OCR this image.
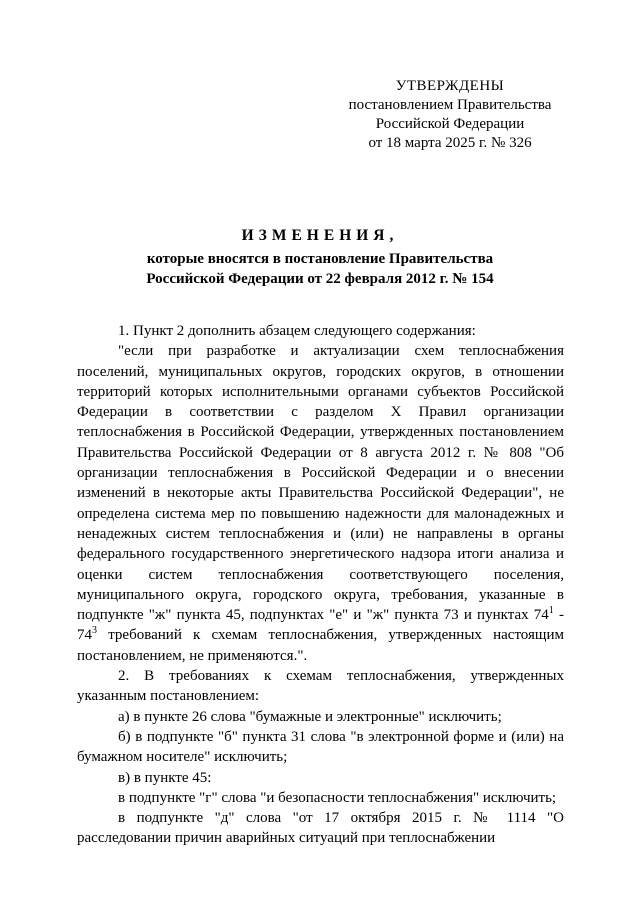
УТВЕРЖДЕНЫ
постановлением Правительства
Российской Федерации
от 18 марта 2025 г. № 326
ИЗМЕНЕНИЯ,
которые вносятся в постановление Правительства
Российской Федерации от 22 февраля 2012 г. № 154

1. Пункт 2 дополнить абзацем следующего содержания:

"если при разработке и актуализации схем теплоснабжения поселений, муниципальных округов, городских округов, в отношении территорий которых исполнительными органами субъектов Российской Федерации в соответствии с разделом X Правил организации теплоснабжения в Российской Федерации, утвержденных постановлением Правительства Российской Федерации от 8 августа 2012 г. № 808 "Об организации теплоснабжения в Российской Федерации и о внесении изменений в некоторые акты Правительства Российской Федерации", не определена система мер по повышению надежности для малонадежных и ненадежных систем теплоснабжения и (или) не направлены в органы федерального государственного энергетического надзора итоги анализа и оценки систем теплоснабжения соответствующего поселения, муниципального округа, городского округа, требования, указанные в подпункте "ж" пункта 45, подпунктах "е" и "ж" пункта 73 и пунктах $74^1 - 74^3$ требований к схемам теплоснабжения, утвержденных настоящим постановлением, не применяются.".

2. В требованиях к схемам теплоснабжения, утвержденных указанным постановлением:

а) в пункте 26 слова "бумажные и электронные" исключить;

б) в подпункте "б" пункта 31 слова "в электронной форме и (или) на бумажном носителе" исключить;

в) в пункте 45:

в подпункте "г" слова "и безопасности теплоснабжения" исключить;

в подпункте "д" слова "от 17 октября 2015 г. № 1114 "О расследовании причин аварийных ситуаций при теплоснабжении
